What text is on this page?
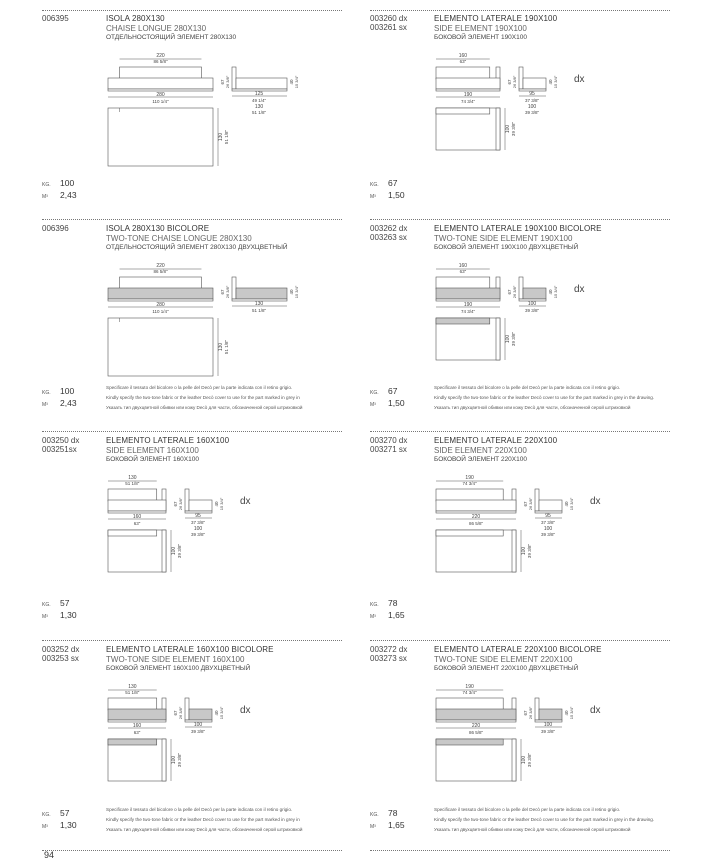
006395	ISOLA 280X130
CHAISE LONGUE 280X130
ОТДЕЛЬНОСТОЯЩИЙ ЭЛЕМЕНТ 280X130
220
86 5/8"
280
110 1/4"
67 26 3/8"
125
49 1/4"
130
51 1/8"
40 15 3/4"
130 51 1/8"
KG.	100
M³	2,43
003260 dx
003261 sx
ELEMENTO LATERALE 190X100
SIDE ELEMENT 190X100
БОКОВОЙ ЭЛЕМЕНТ 190X100
160
63"
190
74 3/4"
67 26 3/8"
95
37 3/8"
100
39 3/8"
40 15 3/4"
100 39 3/8"
dx
KG.	67
M³	1,50
006396	ISOLA 280X130 BICOLORE
TWO-TONE CHAISE LONGUE 280X130
ОТДЕЛЬНОСТОЯЩИЙ ЭЛЕМЕНТ 280X130 ДВУХЦВЕТНЫЙ
220
86 5/8"
280
110 1/4"
67 26 3/8"
130
51 1/8"
40 15 3/4"
130 51 1/8"
Specificare il tessuto del bicolore o la pelle del Decò per la parte indicata con il retino grigio.
Kindly specify the two-tone fabric or the leather Decò cover to use for the part marked in grey in
Указать тип двухцветной обивки или кожу Decò для части, обозначенной серой штриховкой
KG.	100
M³	2,43
003262 dx
003263 sx
ELEMENTO LATERALE 190X100 BICOLORE
TWO-TONE SIDE ELEMENT 190X100
БОКОВОЙ ЭЛЕМЕНТ 190X100 ДВУХЦВЕТНЫЙ
160
63"
190
74 3/4"
67 26 3/8"
100
39 3/8"
40 15 3/4"
100 39 3/8"
dx
Specificare il tessuto del bicolore o la pelle del Decò per la parte indicata con il retino grigio.
Kindly specify the two-tone fabric or the leather Decò cover to use for the part marked in grey in the drawing.
Указать тип двухцветной обивки или кожу Decò для части, обозначенной серой штриховкой
KG.	67
M³	1,50
003250 dx
003251sx
ELEMENTO LATERALE 160X100
SIDE ELEMENT 160X100
БОКОВОЙ ЭЛЕМЕНТ 160X100
130
51 1/8"
160
63"
67 26 3/8"
95
37 3/8"
100
39 3/8"
40 15 3/4"
100 39 3/8"
dx
KG.	57
M³	1,30
003270 dx
003271 sx
ELEMENTO LATERALE 220X100
SIDE ELEMENT 220X100
БОКОВОЙ ЭЛЕМЕНТ 220X100
190
74 3/4"
220
86 5/8"
67 26 3/8"
95
37 3/8"
100
39 3/8"
40 15 3/4"
100 39 3/8"
dx
KG.	78
M³	1,65
003252 dx
003253 sx
ELEMENTO LATERALE 160X100 BICOLORE
TWO-TONE SIDE ELEMENT 160X100
БОКОВОЙ ЭЛЕМЕНТ 160X100 ДВУХЦВЕТНЫЙ
130
51 1/8"
160
63"
67 26 3/8"
100
39 3/8"
40 15 3/4"
100 39 3/8"
dx
Specificare il tessuto del bicolore o la pelle del Decò per la parte indicata con il retino grigio.
Kindly specify the two-tone fabric or the leather Decò cover to use for the part marked in grey in
Указать тип двухцветной обивки или кожу Decò для части, обозначенной серой штриховкой
KG.	57
M³	1,30
003272 dx
003273 sx
ELEMENTO LATERALE 220X100 BICOLORE
TWO-TONE SIDE ELEMENT 220X100
БОКОВОЙ ЭЛЕМЕНТ 220X100 ДВУХЦВЕТНЫЙ
190
74 3/4"
220
86 5/8"
67 26 3/8"
100
39 3/8"
40 15 3/4"
100 39 3/8"
dx
Specificare il tessuto del bicolore o la pelle del Decò per la parte indicata con il retino grigio.
Kindly specify the two-tone fabric or the leather Decò cover to use for the part marked in grey in the drawing.
Указать тип двухцветной обивки или кожу Decò для части, обозначенной серой штриховкой
KG.	78
M³	1,65
94
